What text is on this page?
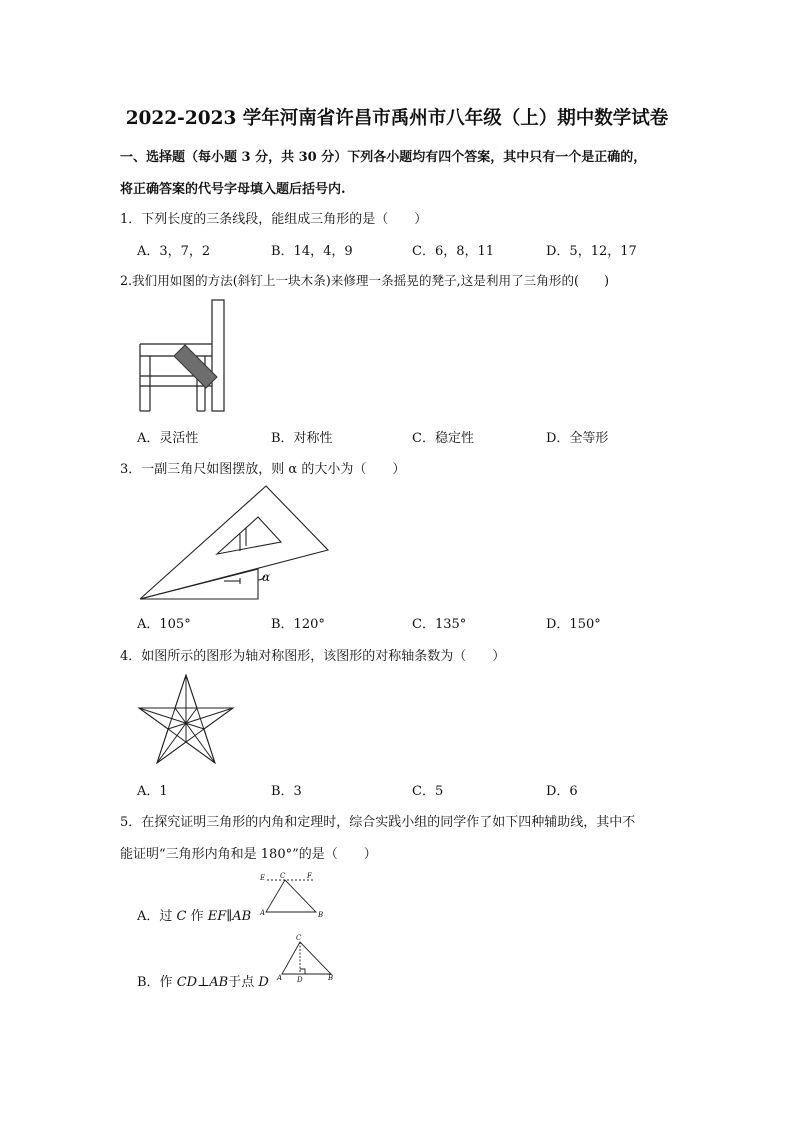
2022-2023 学年河南省许昌市禹州市八年级（上）期中数学试卷
一、选择题（每小题 3 分，共 30 分）下列各小题均有四个答案，其中只有一个是正确的，
将正确答案的代号字母填入题后括号内.
1．下列长度的三条线段，能组成三角形的是（　　）
A．3，7，2	B．14，4，9	C．6，8，11	D．5，12，17
2.我们用如图的方法(斜钉上一块木条)来修理一条摇晃的凳子,这是利用了三角形的(　　)
A．灵活性	B．对称性	C．稳定性	D．全等形
3．一副三角尺如图摆放，则 α 的大小为（　　）
α
A．105°	B．120°	C．135°	D．150°
4．如图所示的图形为轴对称图形，该图形的对称轴条数为（　　）
A．1	B．3	C．5	D．6
5．在探究证明三角形的内角和定理时，综合实践小组的同学作了如下四种辅助线，其中不
能证明“三角形内角和是 180°”的是（　　）
A．过 C 作 EF∥AB
E C	F
A	B
B．作 CD⊥AB于点 D
C
A D	B
